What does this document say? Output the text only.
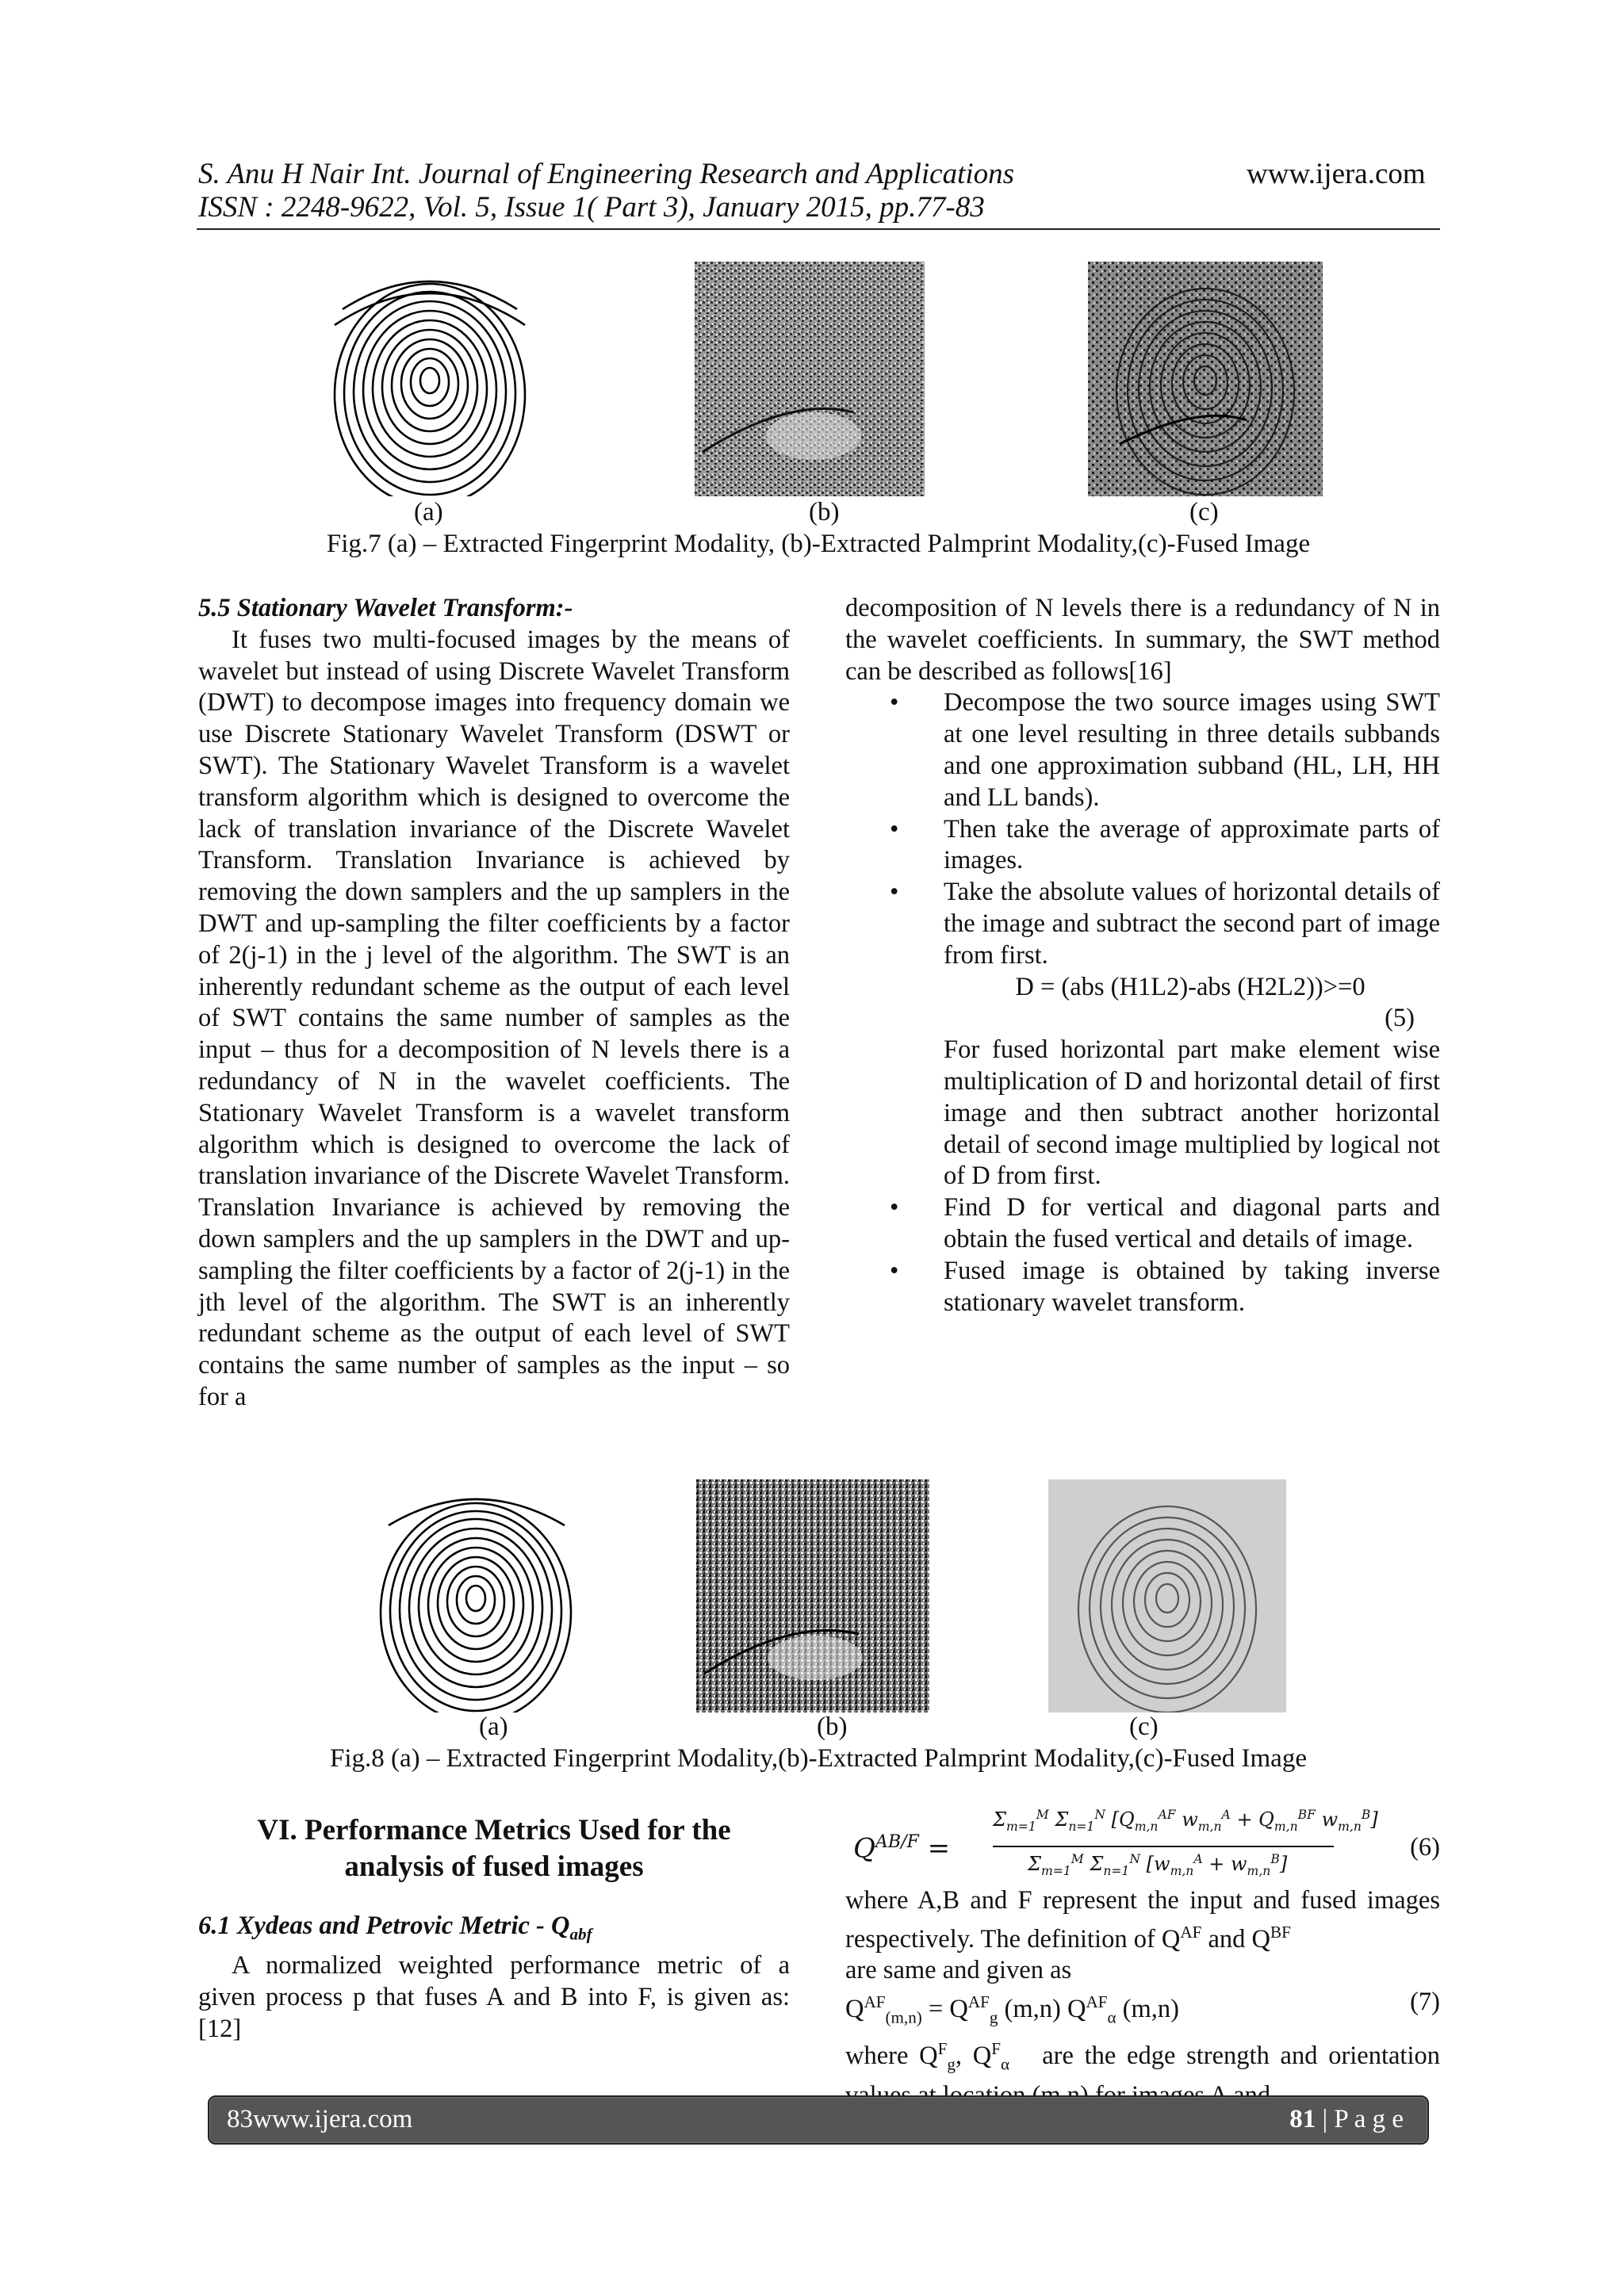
S. Anu H Nair Int. Journal of Engineering Research and Applications	www.ijera.com
ISSN : 2248-9622, Vol. 5, Issue 1( Part 3), January 2015, pp.77-83
(a)	(b)	(c)
Fig.7 (a) – Extracted Fingerprint Modality, (b)-Extracted Palmprint Modality,(c)-Fused Image

5.5 Stationary Wavelet Transform:-

It fuses two multi-focused images by the means of wavelet but instead of using Discrete Wavelet Transform (DWT) to decompose images into frequency domain we use Discrete Stationary Wavelet Transform (DSWT or SWT). The Stationary Wavelet Transform is a wavelet transform algorithm which is designed to overcome the lack of translation invariance of the Discrete Wavelet Transform. Translation Invariance is achieved by removing the down samplers and the up samplers in the DWT and up-sampling the filter coefficients by a factor of 2(j-1) in the j level of the algorithm. The SWT is an inherently redundant scheme as the output of each level of SWT contains the same number of samples as the input – thus for a decomposition of N levels there is a redundancy of N in the wavelet coefficients. The Stationary Wavelet Transform is a wavelet transform algorithm which is designed to overcome the lack of translation invariance of the Discrete Wavelet Transform. Translation Invariance is achieved by removing the down samplers and the up samplers in the DWT and up-sampling the filter coefficients by a factor of 2(j-1) in the jth level of the algorithm. The SWT is an inherently redundant scheme as the output of each level of SWT contains the same number of samples as the input – so for a

decomposition of N levels there is a redundancy of N in the wavelet coefficients. In summary, the SWT method can be described as follows[16]

• Decompose the two source images using SWT at one level resulting in three details subbands and one approximation subband (HL, LH, HH and LL bands).
• Then take the average of approximate parts of images.
• Take the absolute values of horizontal details of the image and subtract the second part of image from first.

D = (abs (H1L2)-abs (H2L2))>=0

(5)

For fused horizontal part make element wise multiplication of D and horizontal detail of first image and then subtract another horizontal detail of second image multiplied by logical not of D from first.

• Find D for vertical and diagonal parts and obtain the fused vertical and details of image.
• Fused image is obtained by taking inverse stationary wavelet transform.
(a)	(b)	(c)
Fig.8 (a) – Extracted Fingerprint Modality,(b)-Extracted Palmprint Modality,(c)-Fused Image
VI. Performance Metrics Used for the
analysis of fused images

6.1 Xydeas and Petrovic Metric - $Q_{abf}$

A normalized weighted performance metric of a given process p that fuses A and B into F, is given as: [12]

$Q^{AB/F}$ =
$\Sigma_{m=1}^M$ $\Sigma_{n=1}^N$ [$Q_{m,n}^{AF}$ $w_{m,n}^A + Q_{m,n}^{BF}$ $w_{m,n}^B$]
$\Sigma_{m=1}^M$ $\Sigma_{n=1}^N$ $[w_{m,n}^A + w_{m,n}^B]$
(6)

where A,B and F represent the input and fused images respectively. The definition of $Q^{AF}$ and $Q^{BF}$

are same and given as

$Q^{AF}_{(m,n)} = Q^{AF}_g$ (m,n) $Q^{AF}_\alpha$ (m,n)	(7)

where $Q^F_g$, $Q^F_\alpha$ are the edge strength and orientation

83www.ijera.com	81 | P a g e
